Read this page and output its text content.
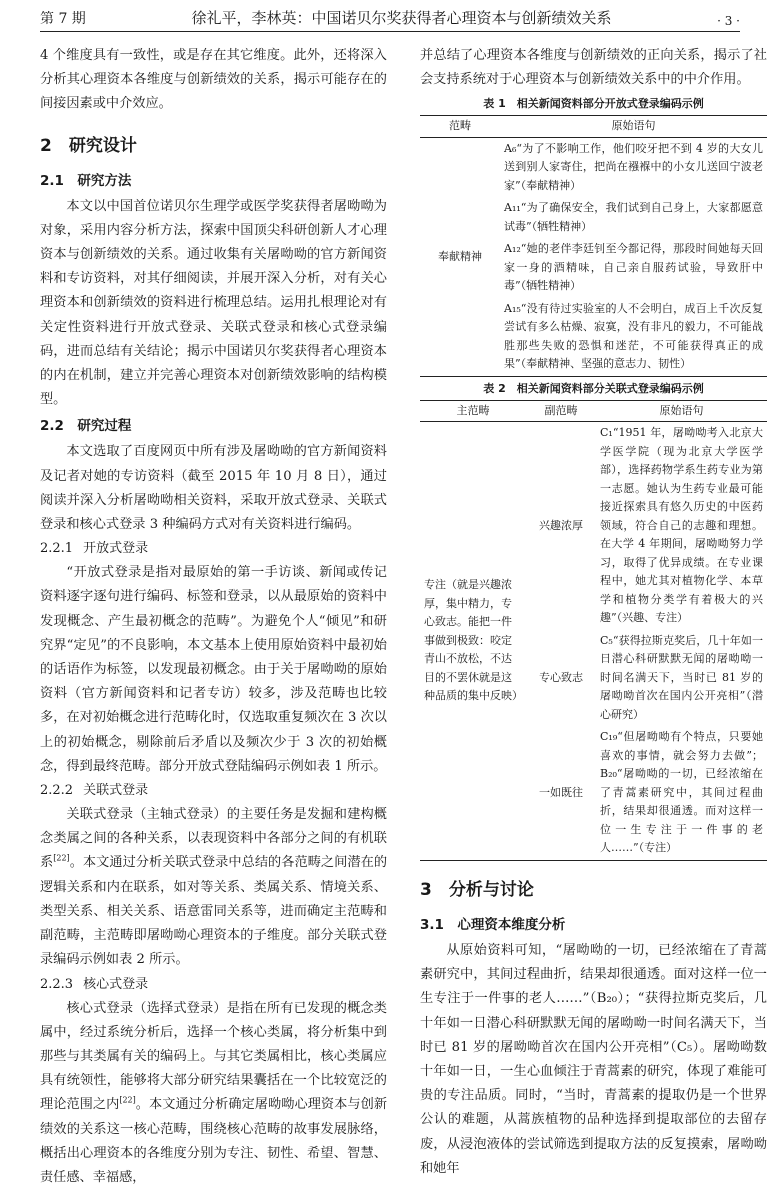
第 7 期	徐礼平，李林英：中国诺贝尔奖获得者心理资本与创新绩效关系	· 3 ·

4 个维度具有一致性，或是存在其它维度。此外，还将深入分析其心理资本各维度与创新绩效的关系，揭示可能存在的间接因素或中介效应。

2　研究设计
2.1　研究方法

本文以中国首位诺贝尔生理学或医学奖获得者屠呦呦为对象，采用内容分析方法，探索中国顶尖科研创新人才心理资本与创新绩效的关系。通过收集有关屠呦呦的官方新闻资料和专访资料，对其仔细阅读，并展开深入分析，对有关心理资本和创新绩效的资料进行梳理总结。运用扎根理论对有关定性资料进行开放式登录、关联式登录和核心式登录编码，进而总结有关结论；揭示中国诺贝尔奖获得者心理资本的内在机制，建立并完善心理资本对创新绩效影响的结构模型。

2.2　研究过程

本文选取了百度网页中所有涉及屠呦呦的官方新闻资料及记者对她的专访资料（截至 2015 年 10 月 8 日），通过阅读并深入分析屠呦呦相关资料，采取开放式登录、关联式登录和核心式登录 3 种编码方式对有关资料进行编码。

2.2.1 开放式登录

“开放式登录是指对最原始的第一手访谈、新闻或传记资料逐字逐句进行编码、标签和登录，以从最原始的资料中发现概念、产生最初概念的范畴”。为避免个人“倾见”和研究界“定见”的不良影响，本文基本上使用原始资料中最初始的话语作为标签，以发现最初概念。由于关于屠呦呦的原始资料（官方新闻资料和记者专访）较多，涉及范畴也比较多，在对初始概念进行范畴化时，仅选取重复频次在 3 次以上的初始概念，剔除前后矛盾以及频次少于 3 次的初始概念，得到最终范畴。部分开放式登陆编码示例如表 1 所示。

2.2.2 关联式登录

关联式登录（主轴式登录）的主要任务是发掘和建构概念类属之间的各种关系，以表现资料中各部分之间的有机联系[22]。本文通过分析关联式登录中总结的各范畴之间潜在的逻辑关系和内在联系，如对等关系、类属关系、情境关系、类型关系、相关关系、语意雷同关系等，进而确定主范畴和副范畴，主范畴即屠呦呦心理资本的子维度。部分关联式登录编码示例如表 2 所示。

2.2.3 核心式登录

核心式登录（选择式登录）是指在所有已发现的概念类属中，经过系统分析后，选择一个核心类属，将分析集中到那些与其类属有关的编码上。与其它类属相比，核心类属应具有统领性，能够将大部分研究结果囊括在一个比较宽泛的理论范围之内[22]。本文通过分析确定屠呦呦心理资本与创新绩效的关系这一核心范畴，围绕核心范畴的故事发展脉络，概括出心理资本的各维度分别为专注、韧性、希望、智慧、责任感、幸福感，

并总结了心理资本各维度与创新绩效的正向关系，揭示了社会支持系统对于心理资本与创新绩效关系中的中介作用。

表 1　相关新闻资料部分开放式登录编码示例
范畴	原始语句
奉献精神	A₆“为了不影响工作，他们咬牙把不到 4 岁的大女儿送到别人家寄住，把尚在襁褓中的小女儿送回宁波老家”（奉献精神）
	A₁₁“为了确保安全，我们试到自己身上，大家都愿意试毒”（牺牲精神）
	A₁₂“她的老伴李廷钊至今都记得，那段时间她每天回家一身的酒精味，自己亲自服药试验，导致肝中毒”（牺牲精神）
	A₁₅“没有待过实验室的人不会明白，成百上千次反复尝试有多么枯燥、寂寞，没有非凡的毅力，不可能战胜那些失败的恐惧和迷茫，不可能获得真正的成果”（奉献精神、坚强的意志力、韧性）
表 2　相关新闻资料部分关联式登录编码示例
主范畴	副范畴	原始语句
专注（就是兴趣浓厚，集中精力，专心致志。能把一件事做到极致：咬定青山不放松，不达目的不罢休就是这种品质的集中反映）	兴趣浓厚	C₁“1951 年，屠呦呦考入北京大学医学院（现为北京大学医学部），选择药物学系生药专业为第一志愿。她认为生药专业最可能接近探索具有悠久历史的中医药领域，符合自己的志趣和理想。在大学 4 年期间，屠呦呦努力学习，取得了优异成绩。在专业课程中，她尤其对植物化学、本草学和植物分类学有着极大的兴趣”（兴趣、专注）
	专心致志	C₅“获得拉斯克奖后，几十年如一日潜心科研默默无闻的屠呦呦一时间名满天下，当时已 81 岁的屠呦呦首次在国内公开亮相”（潜心研究）
	一如既往	C₁₉“但屠呦呦有个特点，只要她喜欢的事情，就会努力去做”；B₂₀“屠呦呦的一切，已经浓缩在了青蒿素研究中，其间过程曲折，结果却很通透。而对这样一位一生专注于一件事的老人……”（专注）
3　分析与讨论
3.1　心理资本维度分析

从原始资料可知，“屠呦呦的一切，已经浓缩在了青蒿素研究中，其间过程曲折，结果却很通透。面对这样一位一生专注于一件事的老人……”（B₂₀）；“获得拉斯克奖后，几十年如一日潜心科研默默无闻的屠呦呦一时间名满天下，当时已 81 岁的屠呦呦首次在国内公开亮相”（C₅）。屠呦呦数十年如一日，一生心血倾注于青蒿素的研究，体现了难能可贵的专注品质。同时，“当时，青蒿素的提取仍是一个世界公认的难题，从蒿族植物的品种选择到提取部位的去留存废，从浸泡液体的尝试筛选到提取方法的反复摸索，屠呦呦和她年
